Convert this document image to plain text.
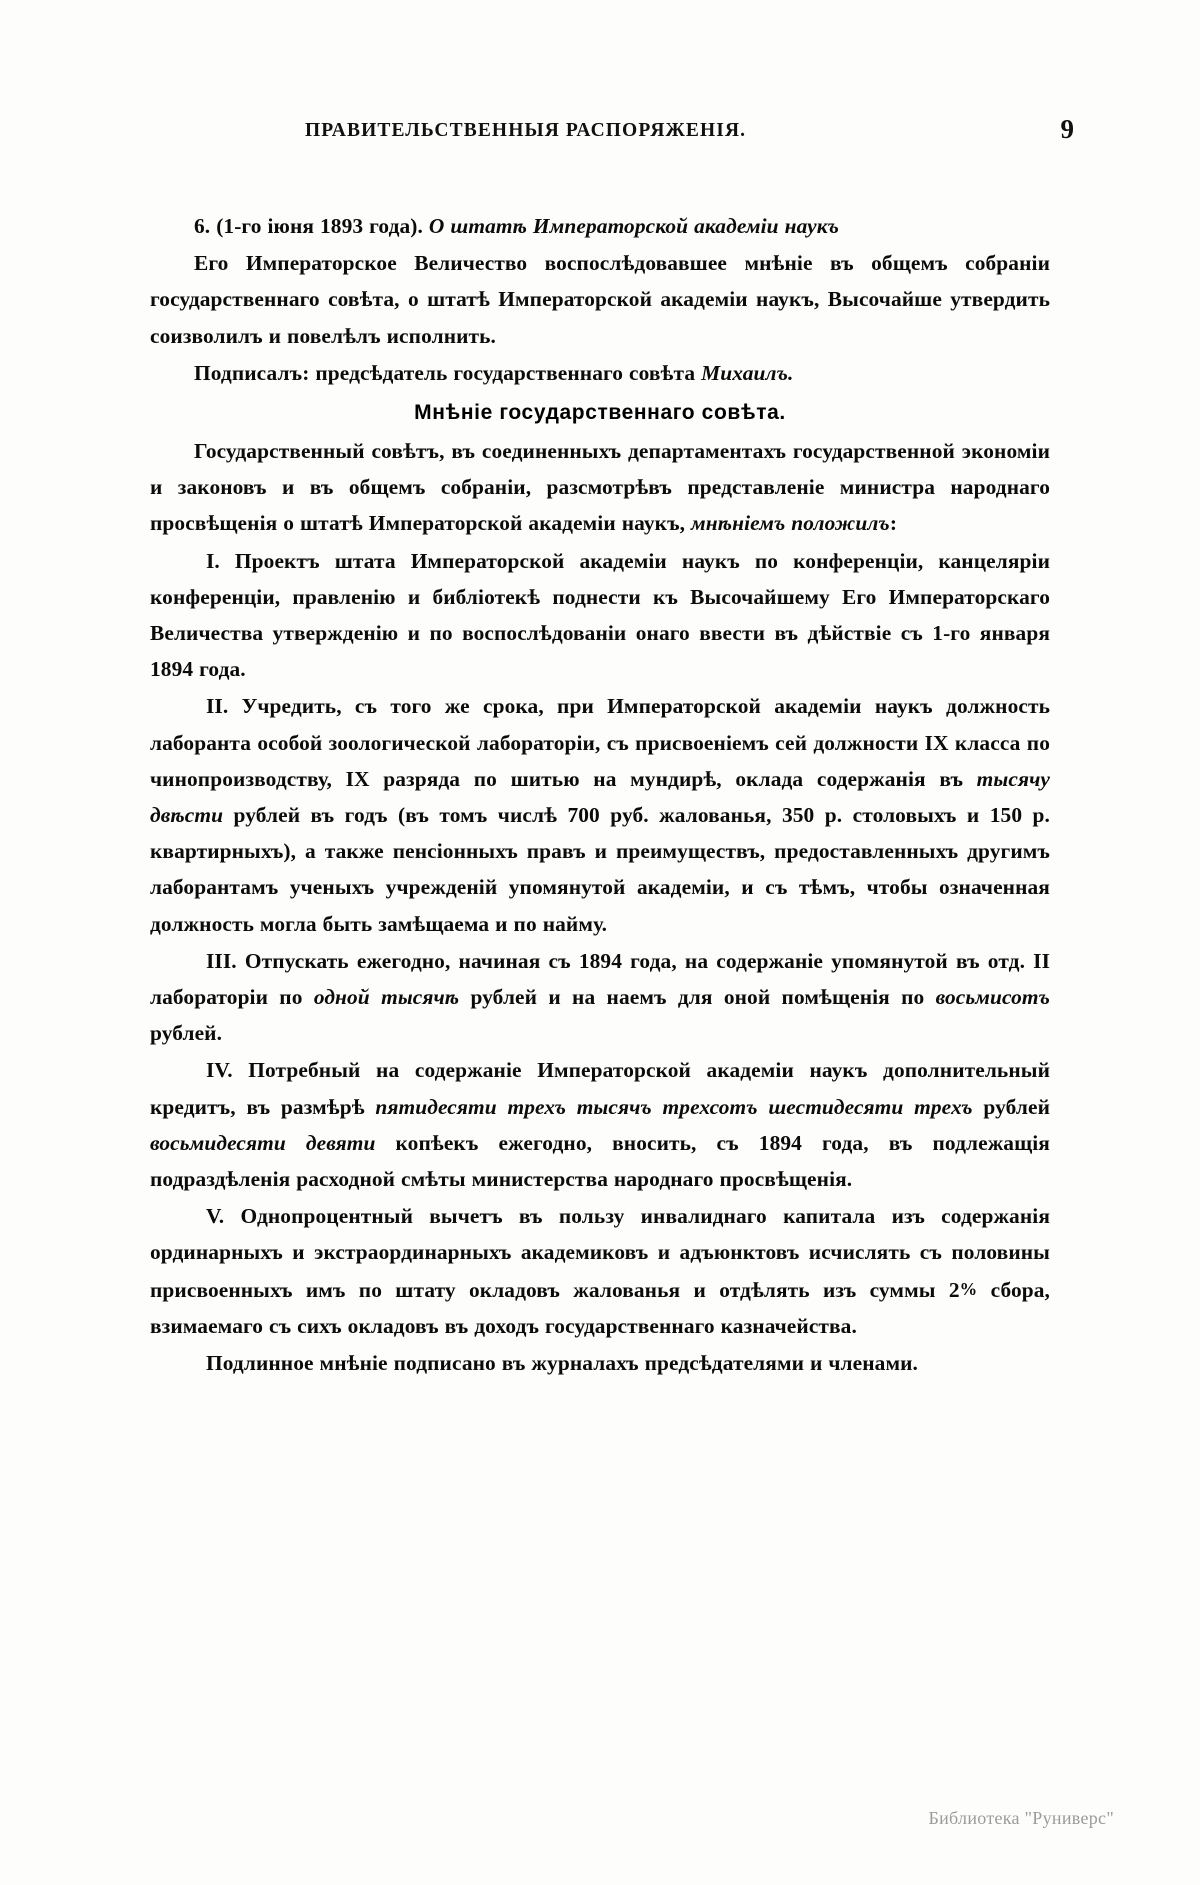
ПРАВИТЕЛЬСТВЕННЫЯ РАСПОРЯЖЕНІЯ.	9

6. (1-го іюня 1893 года). О штатѣ Императорской академіи наукъ

Его Императорское Величество воспослѣдовавшее мнѣніе въ общемъ собраніи государственнаго совѣта, о штатѣ Императорской академіи наукъ, Высочайше утвердить соизволилъ и повелѣлъ исполнить.

Подписалъ: предсѣдатель государственнаго совѣта Михаилъ.

Мнѣніе государственнаго совѣта.

Государственный совѣтъ, въ соединенныхъ департаментахъ государственной экономіи и законовъ и въ общемъ собраніи, разсмотрѣвъ представленіе министра народнаго просвѣщенія о штатѣ Императорской академіи наукъ, мнѣніемъ положилъ:

I. Проектъ штата Императорской академіи наукъ по конференціи, канцеляріи конференціи, правленію и библіотекѣ поднести къ Высочайшему Его Императорскаго Величества утвержденію и по воспослѣдованіи онаго ввести въ дѣйствіе съ 1-го января 1894 года.

II. Учредить, съ того же срока, при Императорской академіи наукъ должность лаборанта особой зоологической лабораторіи, съ присвоеніемъ сей должности IX класса по чинопроизводству, IX разряда по шитью на мундирѣ, оклада содержанія въ тысячу двѣсти рублей въ годъ (въ томъ числѣ 700 руб. жалованья, 350 р. столовыхъ и 150 р. квартирныхъ), а также пенсіонныхъ правъ и преимуществъ, предоставленныхъ другимъ лаборантамъ ученыхъ учрежденій упомянутой академіи, и съ тѣмъ, чтобы означенная должность могла быть замѣщаема и по найму.

III. Отпускать ежегодно, начиная съ 1894 года, на содержаніе упомянутой въ отд. II лабораторіи по одной тысячѣ рублей и на наемъ для оной помѣщенія по восьмисотъ рублей.

IV. Потребный на содержаніе Императорской академіи наукъ дополнительный кредитъ, въ размѣрѣ пятидесяти трехъ тысячъ трехсотъ шестидесяти трехъ рублей восьмидесяти девяти копѣекъ ежегодно, вносить, съ 1894 года, въ подлежащія подраздѣленія расходной смѣты министерства народнаго просвѣщенія.

V. Однопроцентный вычетъ въ пользу инвалиднаго капитала изъ содержанія ординарныхъ и экстраординарныхъ академиковъ и адъюнктовъ исчислять съ половины присвоенныхъ имъ по штату окладовъ жалованья и отдѣлять изъ суммы 2% сбора, взимаемаго съ сихъ окладовъ въ доходъ государственнаго казначейства.

Подлинное мнѣніе подписано въ журналахъ предсѣдателями и членами.

Библиотека "Руниверс"
